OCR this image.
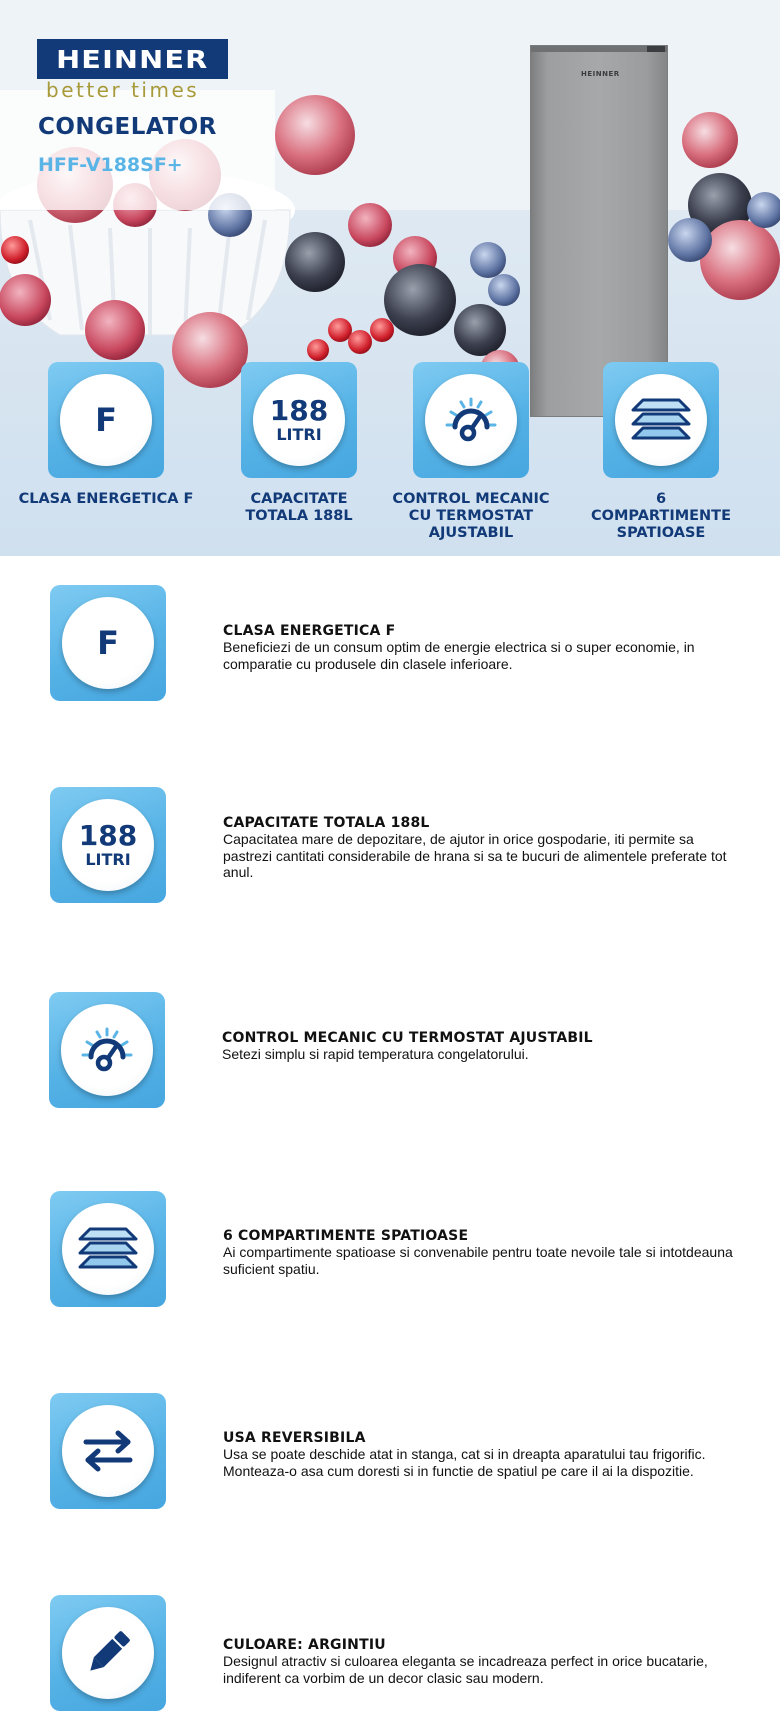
HEINNER
better times
CONGELATOR
HFF-V188SF+
HEINNER
F
CLASA ENERGETICA F
188
LITRI
CAPACITATE TOTALA 188L
CONTROL MECANIC CU TERMOSTAT AJUSTABIL
6 COMPARTIMENTE SPATIOASE
F	CLASA ENERGETICA F
Beneficiezi de un consum optim de energie electrica si o super economie, in comparatie cu produsele din clasele inferioare.
188
LITRI
CAPACITATE TOTALA 188L
Capacitatea mare de depozitare, de ajutor in orice gospodarie, iti permite sa pastrezi cantitati considerabile de hrana si sa te bucuri de alimentele preferate tot anul.
CONTROL MECANIC CU TERMOSTAT AJUSTABIL
Setezi simplu si rapid temperatura congelatorului.
6 COMPARTIMENTE SPATIOASE
Ai compartimente spatioase si convenabile pentru toate nevoile tale si intotdeauna suficient spatiu.
USA REVERSIBILA
Usa se poate deschide atat in stanga, cat si in dreapta aparatului tau frigorific. Monteaza-o asa cum doresti si in functie de spatiul pe care il ai la dispozitie.
CULOARE: ARGINTIU
Designul atractiv si culoarea eleganta se incadreaza perfect in orice bucatarie, indiferent ca vorbim de un decor clasic sau modern.
